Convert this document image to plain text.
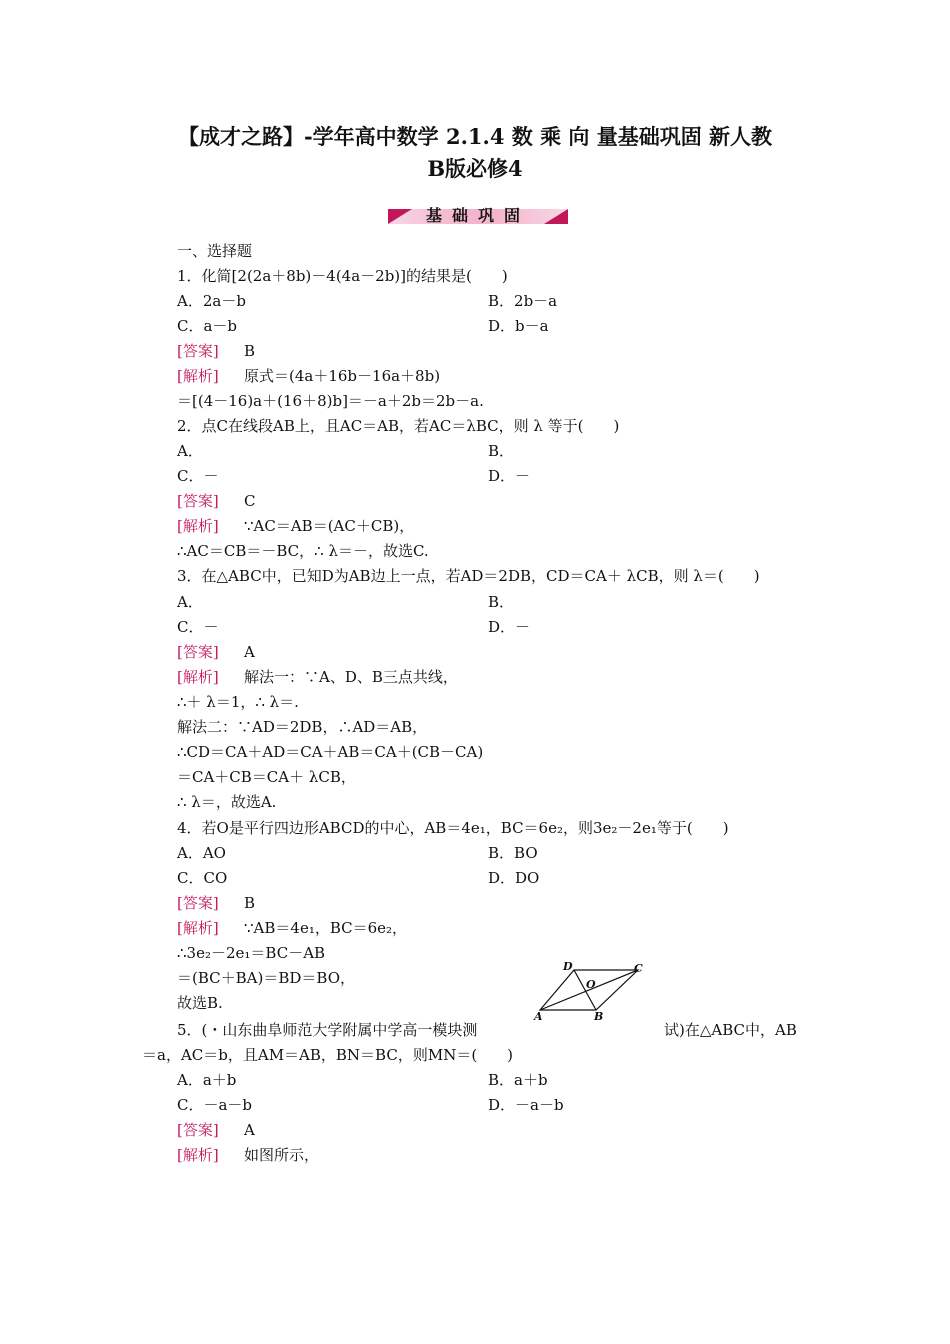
【成才之路】-学年高中数学 2.1.4 数 乘 向 量基础巩固 新人教
B版必修4
基础巩固
一、选择题
1．化简[2(2a＋8b)－4(4a－2b)]的结果是(　　)
A．2a－b	B．2b－a
C．a－b	D．b－a
[答案] B
[解析] 原式＝(4a＋16b－16a＋8b)
＝[(4－16)a＋(16＋8)b]＝－a＋2b＝2b－a.
2．点C在线段AB上，且AC＝AB，若AC＝λBC，则 λ 等于(　　)
A．	B．
C．－	D．－
[答案] C
[解析] ∵AC＝AB＝(AC＋CB)，
∴AC＝CB＝－BC，∴ λ＝－，故选C.
3．在△ABC中，已知D为AB边上一点，若AD＝2DB，CD＝CA＋ λCB，则 λ＝(　　)
A．	B．
C．－	D．－
[答案] A
[解析] 解法一：∵A、D、B三点共线，
∴＋ λ＝1，∴ λ＝.
解法二：∵AD＝2DB，∴AD＝AB，
∴CD＝CA＋AD＝CA＋AB＝CA＋(CB－CA)
＝CA＋CB＝CA＋ λCB，
∴ λ＝，故选A.
4．若O是平行四边形ABCD的中心，AB＝4e₁，BC＝6e₂，则3e₂－2e₁等于(　　)
A．AO	B．BO
C．CO	D．DO
[答案] B
[解析] ∵AB＝4e₁，BC＝6e₂，
∴3e₂－2e₁＝BC－AB
＝(BC＋BA)＝BD＝BO，
故选B.
D
O
C
A	B
5．(・山东曲阜师范大学附属中学高一模块测	试)在△ABC中，AB
＝a，AC＝b，且AM＝AB，BN＝BC，则MN＝(　　)
A．a＋b	B．a＋b
C．－a－b	D．－a－b
[答案] A
[解析] 如图所示，
